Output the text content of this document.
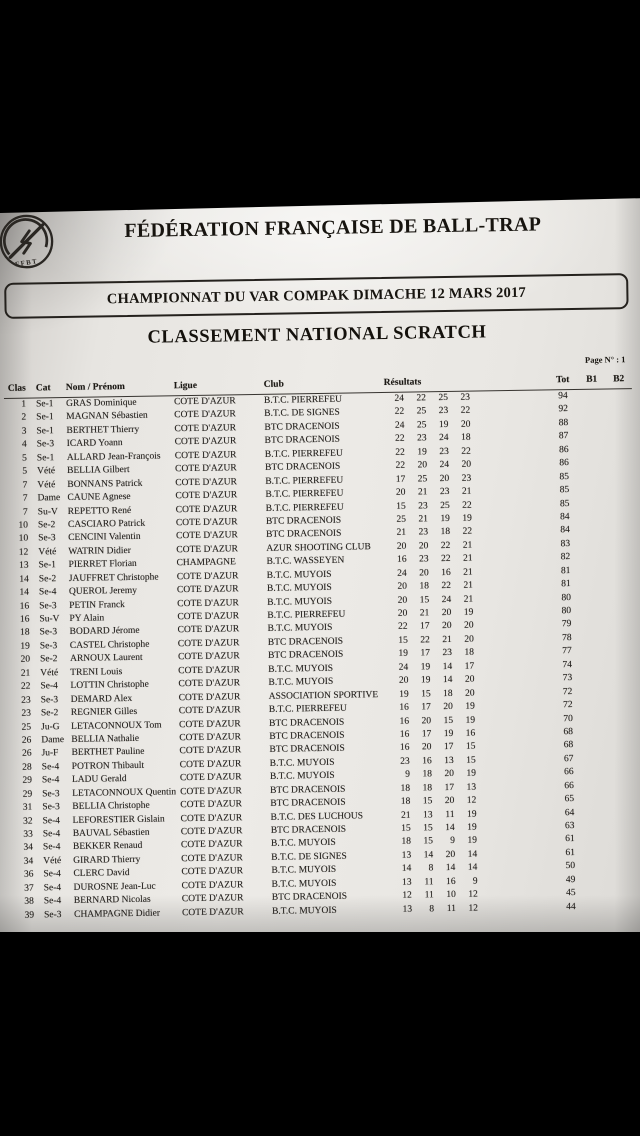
FFBT
FÉDÉRATION FRANÇAISE DE BALL-TRAP
CHAMPIONNAT DU VAR COMPAK DIMACHE 12 MARS 2017
CLASSEMENT NATIONAL SCRATCH
Page N° : 1
Clas	Cat	Nom / Prénom	Ligue	Club	Résultats	Tot	B1	B2
1	Se-1	GRAS Dominique	COTE D'AZUR	B.T.C. PIERREFEU	24	22	25	23	94
2	Se-1	MAGNAN Sébastien	COTE D'AZUR	B.T.C. DE SIGNES	22	25	23	22	92
3	Se-1	BERTHET Thierry	COTE D'AZUR	BTC DRACENOIS	24	25	19	20	88
4	Se-3	ICARD Yoann	COTE D'AZUR	BTC DRACENOIS	22	23	24	18	87
5	Se-1	ALLARD Jean-François	COTE D'AZUR	B.T.C. PIERREFEU	22	19	23	22	86
5	Vété	BELLIA Gilbert	COTE D'AZUR	BTC DRACENOIS	22	20	24	20	86
7	Vété	BONNANS Patrick	COTE D'AZUR	B.T.C. PIERREFEU	17	25	20	23	85
7	Dame CAUNE Agnese	COTE D'AZUR	B.T.C. PIERREFEU	20	21	23	21	85
7	Su-V	REPETTO René	COTE D'AZUR	B.T.C. PIERREFEU	15	23	25	22	85
10	Se-2	CASCIARO Patrick	COTE D'AZUR	BTC DRACENOIS	25	21	19	19	84
10	Se-3	CENCINI Valentin	COTE D'AZUR	BTC DRACENOIS	21	23	18	22	84
12	Vété	WATRIN Didier	COTE D'AZUR	AZUR SHOOTING CLUB	20	20	22	21	83
13	Se-1	PIERRET Florian	CHAMPAGNE	B.T.C. WASSEYEN	16	23	22	21	82
14	Se-2	JAUFFRET Christophe	COTE D'AZUR	B.T.C. MUYOIS	24	20	16	21	81
14	Se-4	QUEROL Jeremy	COTE D'AZUR	B.T.C. MUYOIS	20	18	22	21	81
16	Se-3	PETIN Franck	COTE D'AZUR	B.T.C. MUYOIS	20	15	24	21	80
16	Su-V	PY Alain	COTE D'AZUR	B.T.C. PIERREFEU	20	21	20	19	80
18	Se-3	BODARD Jérome	COTE D'AZUR	B.T.C. MUYOIS	22	17	20	20	79
19	Se-3	CASTEL Christophe	COTE D'AZUR	BTC DRACENOIS	15	22	21	20	78
20	Se-2	ARNOUX Laurent	COTE D'AZUR	BTC DRACENOIS	19	17	23	18	77
21	Vété	TRENI Louis	COTE D'AZUR	B.T.C. MUYOIS	24	19	14	17	74
22	Se-4	LOTTIN Christophe	COTE D'AZUR	B.T.C. MUYOIS	20	19	14	20	73
23	Se-3	DEMARD Alex	COTE D'AZUR	ASSOCIATION SPORTIVE	19	15	18	20	72
23	Se-2	REGNIER Gilles	COTE D'AZUR	B.T.C. PIERREFEU	16	17	20	19	72
25	Ju-G	LETACONNOUX Tom	COTE D'AZUR	BTC DRACENOIS	16	20	15	19	70
26	Dame BELLIA Nathalie	COTE D'AZUR	BTC DRACENOIS	16	17	19	16	68
26	Ju-F	BERTHET Pauline	COTE D'AZUR	BTC DRACENOIS	16	20	17	15	68
28	Se-4	POTRON Thibault	COTE D'AZUR	B.T.C. MUYOIS	23	16	13	15	67
29	Se-4	LADU Gerald	COTE D'AZUR	B.T.C. MUYOIS	9	18	20	19	66
29	Se-3	LETACONNOUX Quentin COTE D'AZUR	BTC DRACENOIS	18	18	17	13	66
31	Se-3	BELLIA Christophe	COTE D'AZUR	BTC DRACENOIS	18	15	20	12	65
32	Se-4	LEFORESTIER Gislain	COTE D'AZUR	B.T.C. DES LUCHOUS	21	13	11	19	64
33	Se-4	BAUVAL Sébastien	COTE D'AZUR	BTC DRACENOIS	15	15	14	19	63
34	Se-4	BEKKER Renaud	COTE D'AZUR	B.T.C. MUYOIS	18	15	9	19	61
34	Vété	GIRARD Thierry	COTE D'AZUR	B.T.C. DE SIGNES	13	14	20	14	61
36	Se-4	CLERC David	COTE D'AZUR	B.T.C. MUYOIS	14	8	14	14	50
37	Se-4	DUROSNE Jean-Luc	COTE D'AZUR	B.T.C. MUYOIS	13	11	16	9	49
38	Se-4	BERNARD Nicolas	COTE D'AZUR	BTC DRACENOIS	12	11	10	12	45
39	Se-3	CHAMPAGNE Didier	COTE D'AZUR	B.T.C. MUYOIS	13	8	11	12	44
